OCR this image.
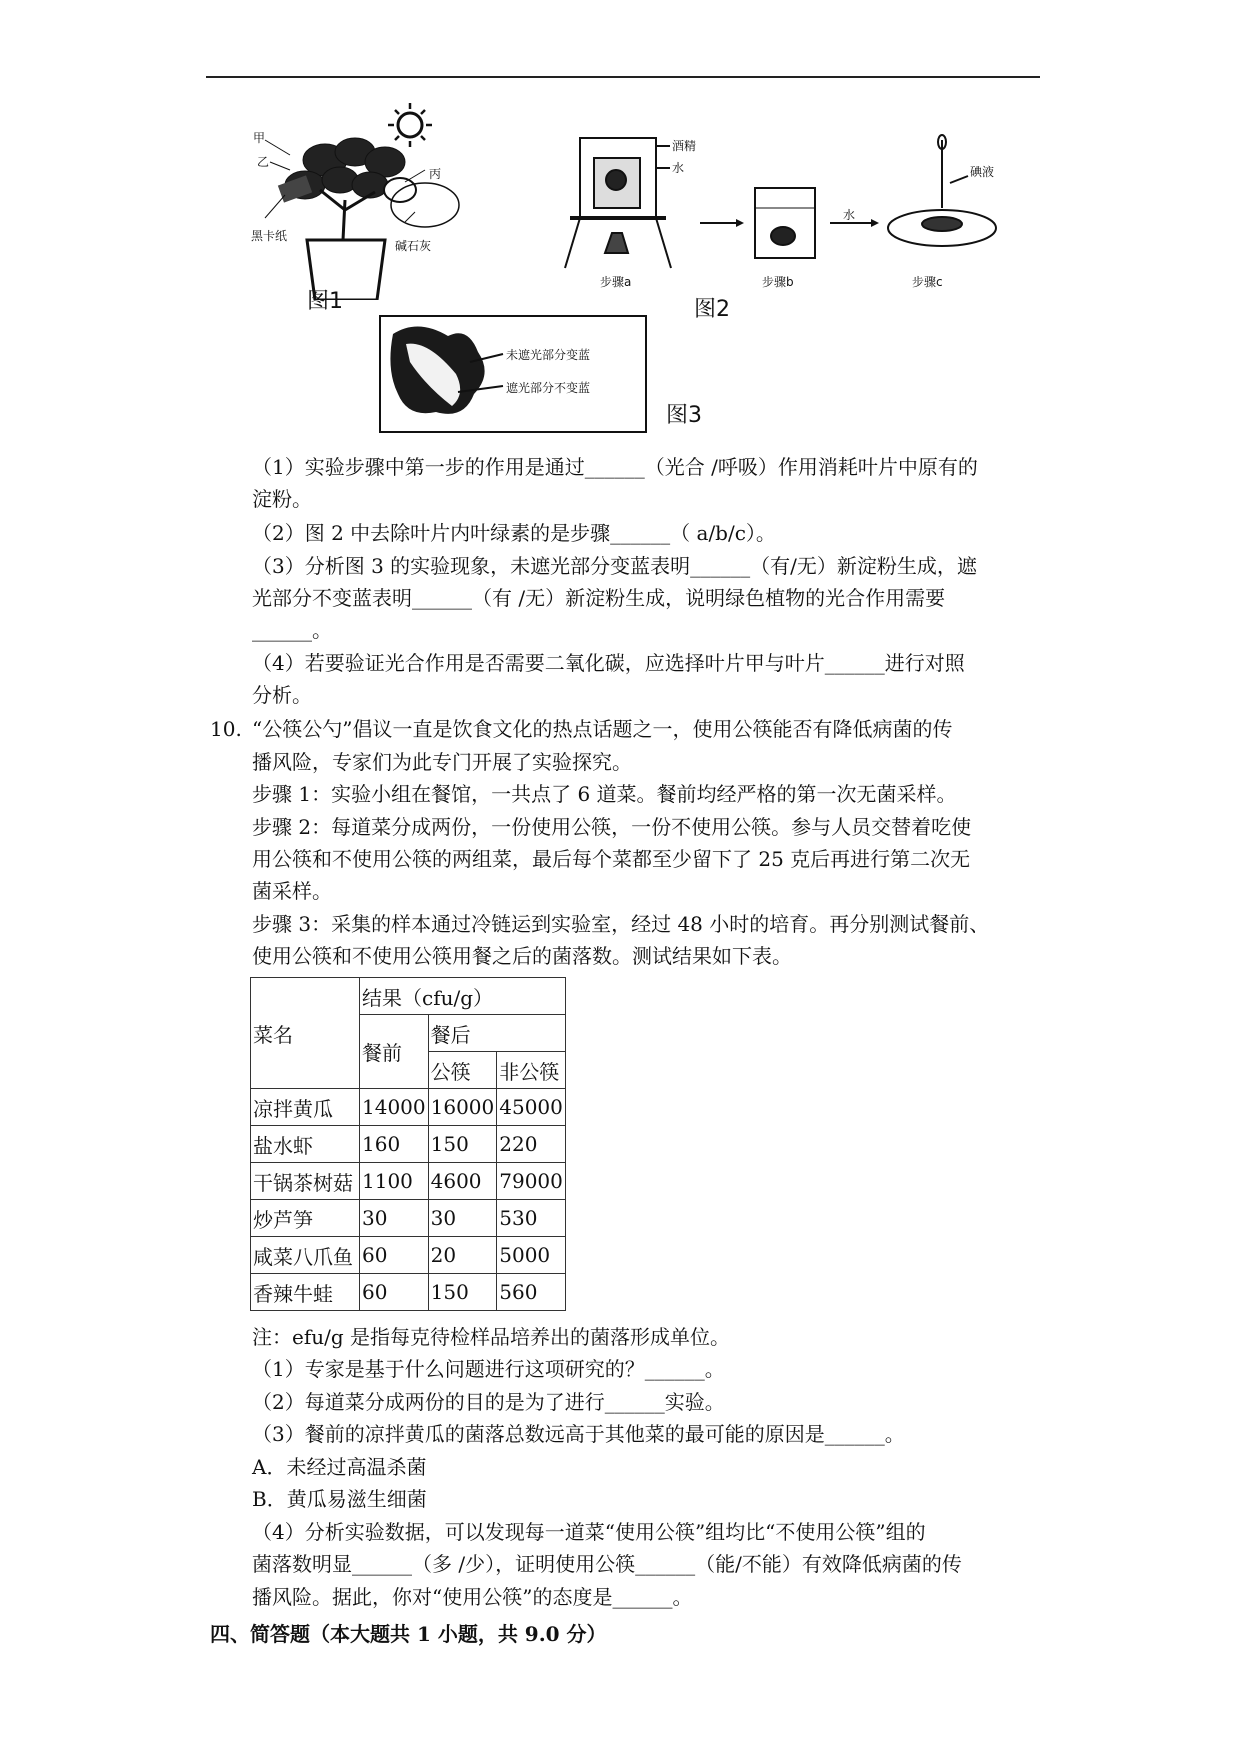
甲
乙
丙
黑卡纸
碱石灰
图1
酒精
水
步骤a	步骤b
水
碘液
步骤c
图2
未遮光部分变蓝
遮光部分不变蓝
图3
（1）实验步骤中第一步的作用是通过______（光合 /呼吸）作用消耗叶片中原有的
淀粉。
（2）图 2 中去除叶片内叶绿素的是步骤______（ a/b/c）。
（3）分析图 3 的实验现象，未遮光部分变蓝表明______（有/无）新淀粉生成，遮
光部分不变蓝表明______（有 /无）新淀粉生成，说明绿色植物的光合作用需要
______。
（4）若要验证光合作用是否需要二氧化碳，应选择叶片甲与叶片______进行对照
分析。
10. “公筷公勺”倡议一直是饮食文化的热点话题之一，使用公筷能否有降低病菌的传
播风险，专家们为此专门开展了实验探究。
步骤 1：实验小组在餐馆，一共点了 6 道菜。餐前均经严格的第一次无菌采样。
步骤 2：每道菜分成两份，一份使用公筷，一份不使用公筷。参与人员交替着吃使
用公筷和不使用公筷的两组菜，最后每个菜都至少留下了 25 克后再进行第二次无
菌采样。
步骤 3：采集的样本通过冷链运到实验室，经过 48 小时的培育。再分别测试餐前、
使用公筷和不使用公筷用餐之后的菌落数。测试结果如下表。
菜名	结果（cfu/g）		
	餐前	餐后	
		公筷	非公筷
凉拌黄瓜	14000	16000	45000
盐水虾	160	150	220
干锅茶树菇	1100	4600	79000
炒芦笋	30	30	530
咸菜八爪鱼	60	20	5000
香辣牛蛙	60	150	560
注：efu/g 是指每克待检样品培养出的菌落形成单位。
（1）专家是基于什么问题进行这项研究的？______。
（2）每道菜分成两份的目的是为了进行______实验。
（3）餐前的凉拌黄瓜的菌落总数远高于其他菜的最可能的原因是______。
A．未经过高温杀菌
B．黄瓜易滋生细菌
（4）分析实验数据，可以发现每一道菜“使用公筷”组均比“不使用公筷”组的
菌落数明显______（多 /少），证明使用公筷______（能/不能）有效降低病菌的传
播风险。据此，你对“使用公筷”的态度是______。
四、简答题（本大题共 1 小题，共 9.0 分）
